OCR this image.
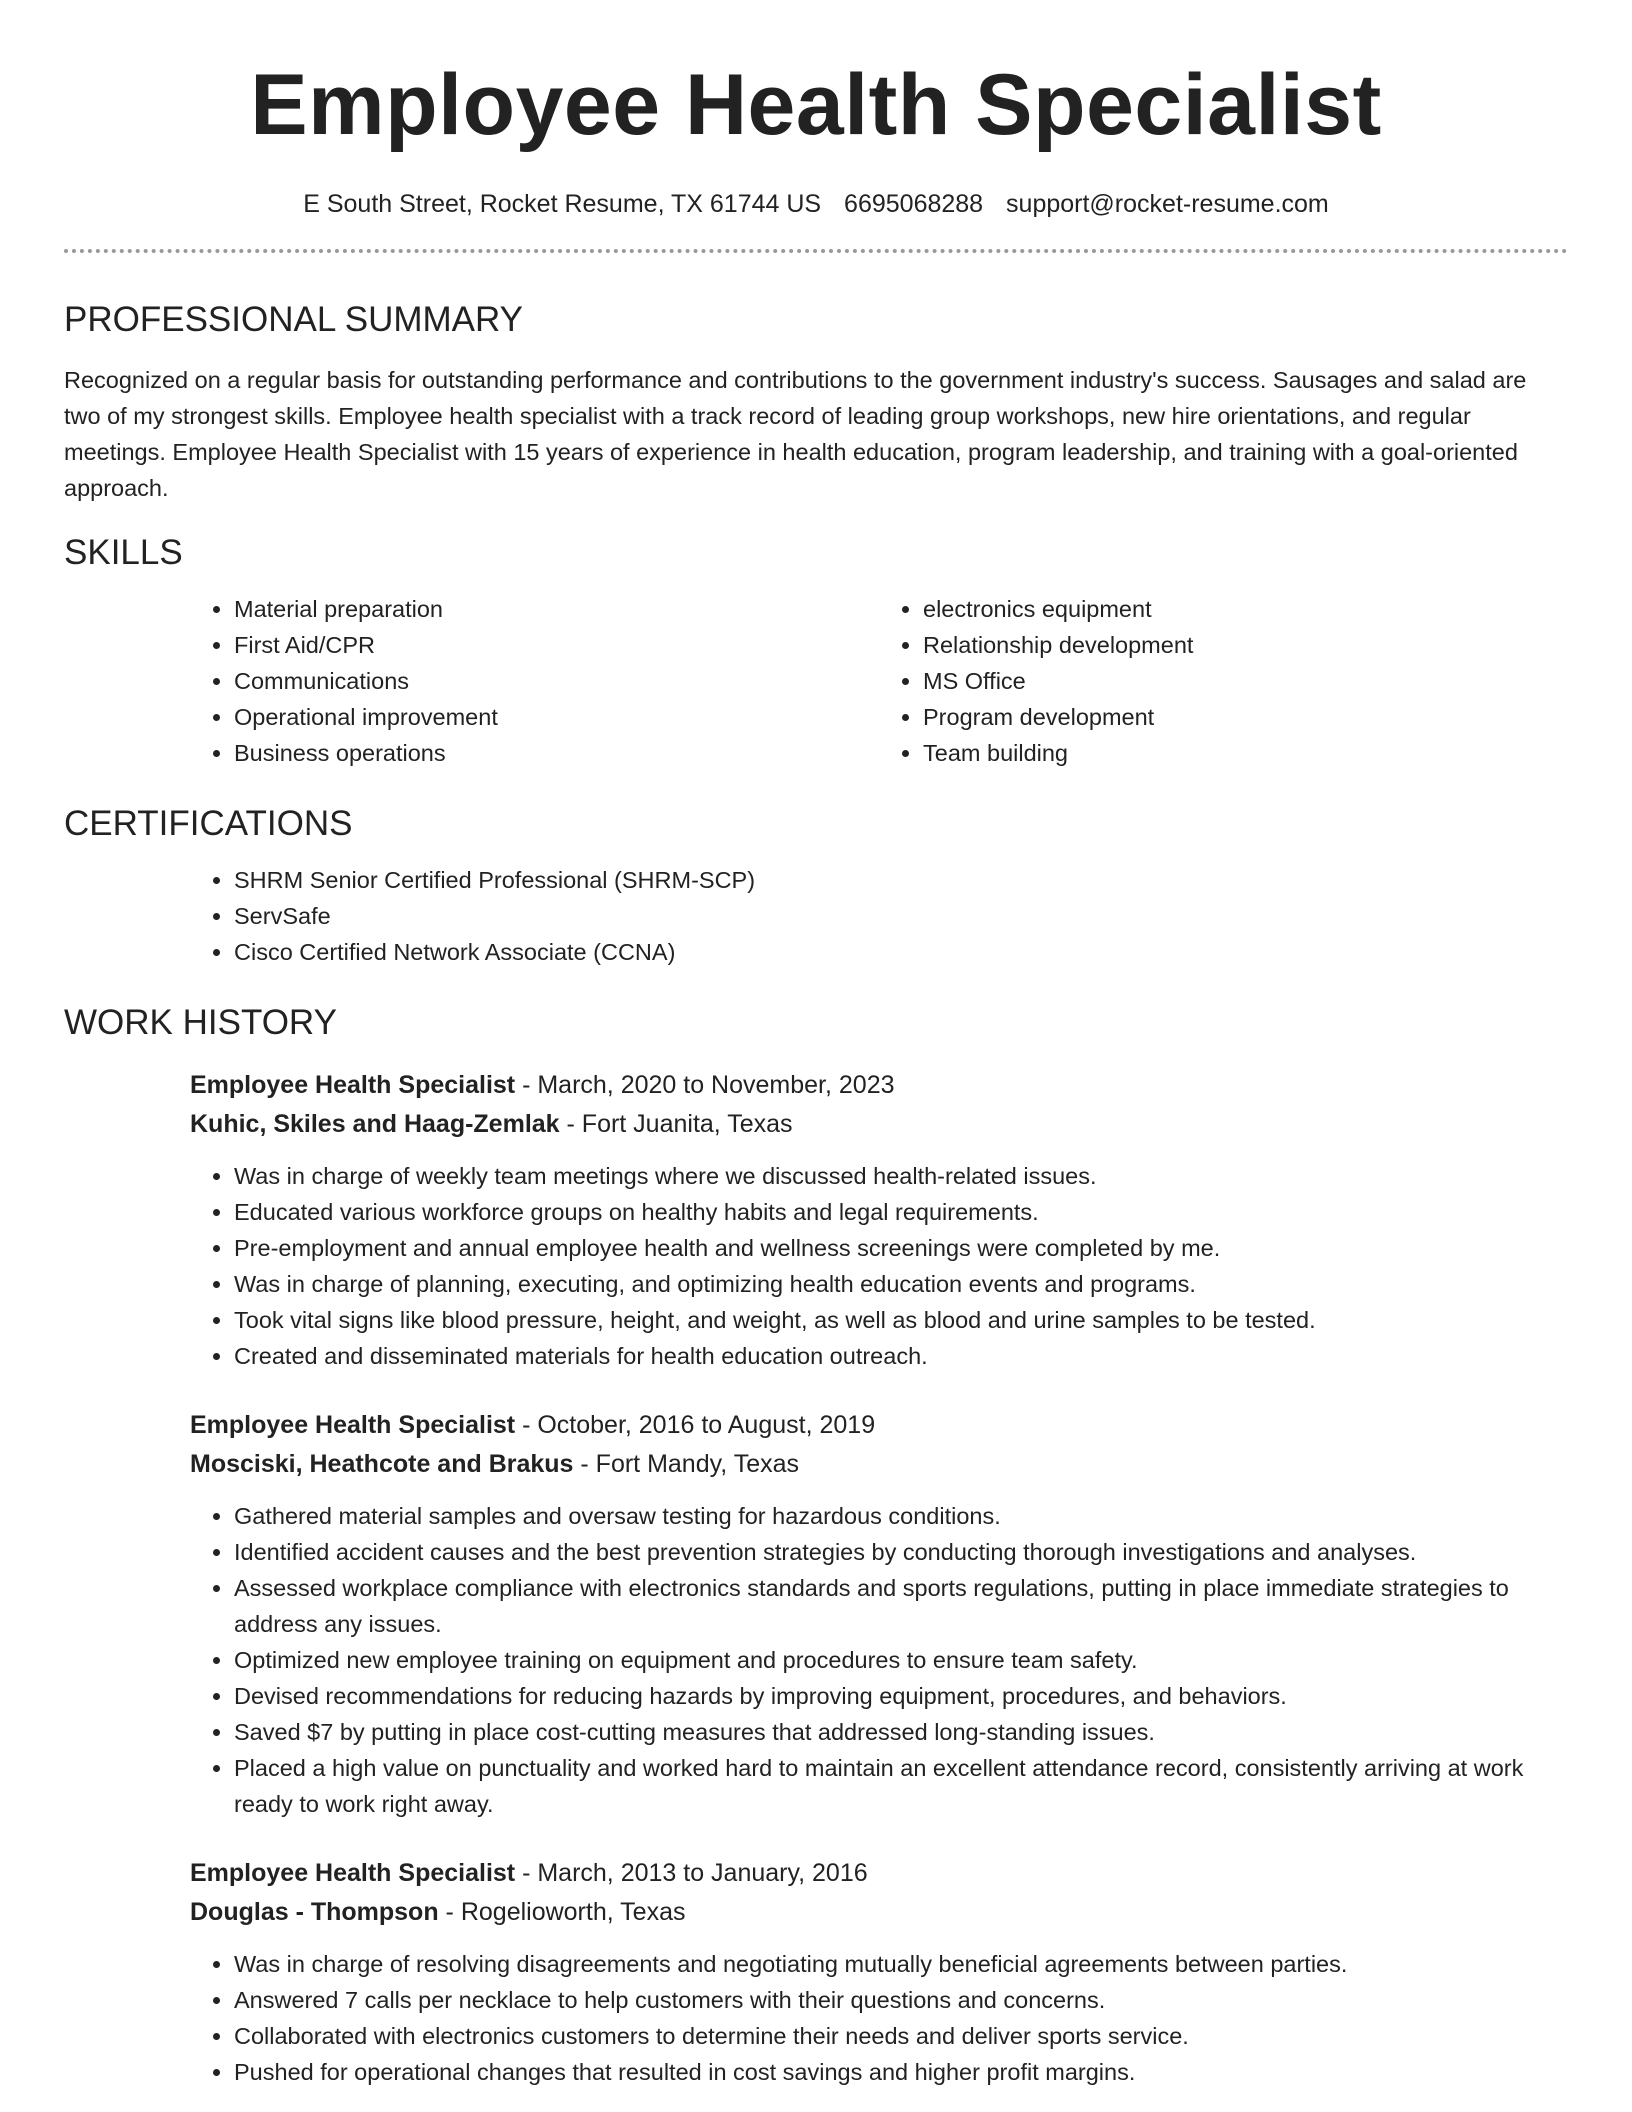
Employee Health Specialist
E South Street, Rocket Resume, TX 61744 US 6695068288 support@rocket-resume.com
PROFESSIONAL SUMMARY

Recognized on a regular basis for outstanding performance and contributions to the government industry's success. Sausages and salad are two of my strongest skills. Employee health specialist with a track record of leading group workshops, new hire orientations, and regular meetings. Employee Health Specialist with 15 years of experience in health education, program leadership, and training with a goal-oriented approach.

SKILLS
• Material preparation
• First Aid/CPR
• Communications
• Operational improvement
• Business operations
• electronics equipment
• Relationship development
• MS Office
• Program development
• Team building
CERTIFICATIONS
• SHRM Senior Certified Professional (SHRM-SCP)
• ServSafe
• Cisco Certified Network Associate (CCNA)
WORK HISTORY
Employee Health Specialist - March, 2020 to November, 2023
Kuhic, Skiles and Haag-Zemlak - Fort Juanita, Texas
• Was in charge of weekly team meetings where we discussed health-related issues.
• Educated various workforce groups on healthy habits and legal requirements.
• Pre-employment and annual employee health and wellness screenings were completed by me.
• Was in charge of planning, executing, and optimizing health education events and programs.
• Took vital signs like blood pressure, height, and weight, as well as blood and urine samples to be tested.
• Created and disseminated materials for health education outreach.
Employee Health Specialist - October, 2016 to August, 2019
Mosciski, Heathcote and Brakus - Fort Mandy, Texas
• Gathered material samples and oversaw testing for hazardous conditions.
• Identified accident causes and the best prevention strategies by conducting thorough investigations and analyses.
• Assessed workplace compliance with electronics standards and sports regulations, putting in place immediate strategies to address any issues.
• Optimized new employee training on equipment and procedures to ensure team safety.
• Devised recommendations for reducing hazards by improving equipment, procedures, and behaviors.
• Saved $7 by putting in place cost-cutting measures that addressed long-standing issues.
• Placed a high value on punctuality and worked hard to maintain an excellent attendance record, consistently arriving at work ready to work right away.
Employee Health Specialist - March, 2013 to January, 2016
Douglas - Thompson - Rogelioworth, Texas
• Was in charge of resolving disagreements and negotiating mutually beneficial agreements between parties.
• Answered 7 calls per necklace to help customers with their questions and concerns.
• Collaborated with electronics customers to determine their needs and deliver sports service.
• Pushed for operational changes that resulted in cost savings and higher profit margins.
